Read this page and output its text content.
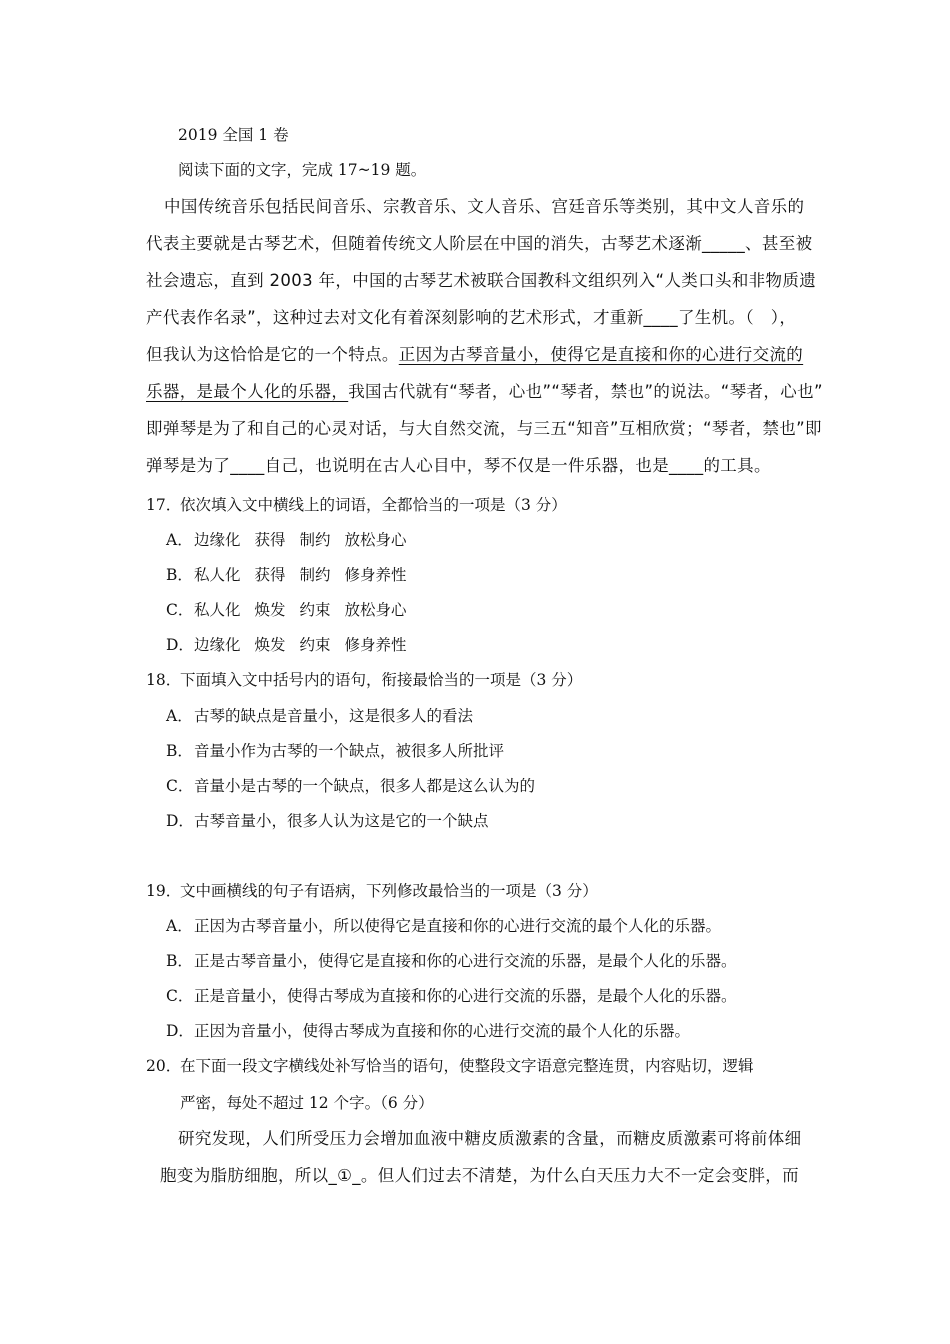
2019 全国 1 卷
阅读下面的文字，完成 17~19 题。
中国传统音乐包括民间音乐、宗教音乐、文人音乐、宫廷音乐等类别，其中文人音乐的
代表主要就是古琴艺术，但随着传统文人阶层在中国的消失，古琴艺术逐渐_____、甚至被
社会遗忘，直到 2003 年，中国的古琴艺术被联合国教科文组织列入“人类口头和非物质遗
产代表作名录”，这种过去对文化有着深刻影响的艺术形式，才重新____了生机。（　），
但我认为这恰恰是它的一个特点。正因为古琴音量小，使得它是直接和你的心进行交流的
乐器，是最个人化的乐器，我国古代就有“琴者，心也”“琴者，禁也”的说法。“琴者，心也”
即弹琴是为了和自己的心灵对话，与大自然交流，与三五“知音”互相欣赏；“琴者，禁也”即
弹琴是为了____自己，也说明在古人心目中，琴不仅是一件乐器，也是____的工具。
17．依次填入文中横线上的词语，全都恰当的一项是（3 分）
A．边缘化 获得 制约 放松身心
B．私人化 获得 制约 修身养性
C．私人化 焕发 约束 放松身心
D．边缘化 焕发 约束 修身养性
18．下面填入文中括号内的语句，衔接最恰当的一项是（3 分）
A．古琴的缺点是音量小，这是很多人的看法
B．音量小作为古琴的一个缺点，被很多人所批评
C．音量小是古琴的一个缺点，很多人都是这么认为的
D．古琴音量小，很多人认为这是它的一个缺点
19．文中画横线的句子有语病，下列修改最恰当的一项是（3 分）
A．正因为古琴音量小，所以使得它是直接和你的心进行交流的最个人化的乐器。
B．正是古琴音量小，使得它是直接和你的心进行交流的乐器，是最个人化的乐器。
C．正是音量小，使得古琴成为直接和你的心进行交流的乐器，是最个人化的乐器。
D．正因为音量小，使得古琴成为直接和你的心进行交流的最个人化的乐器。
20．在下面一段文字横线处补写恰当的语句，使整段文字语意完整连贯，内容贴切，逻辑
严密，每处不超过 12 个字。（6 分）
研究发现，人们所受压力会增加血液中糖皮质激素的含量，而糖皮质激素可将前体细
胞变为脂肪细胞，所以_①_。但人们过去不清楚，为什么白天压力大不一定会变胖，而
